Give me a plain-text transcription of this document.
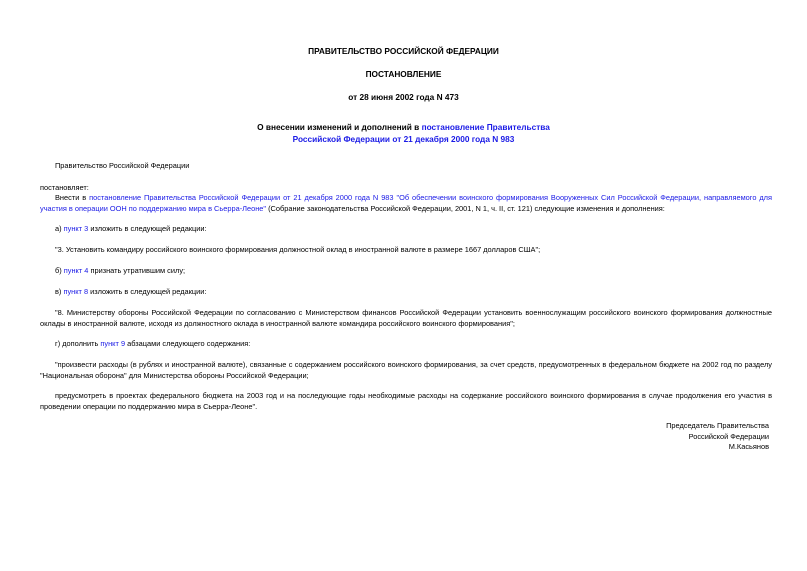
ПРАВИТЕЛЬСТВО РОССИЙСКОЙ ФЕДЕРАЦИИ
ПОСТАНОВЛЕНИЕ
от 28 июня 2002 года N 473
О внесении изменений и дополнений в постановление Правительства
Российской Федерации от 21 декабря 2000 года N 983
Правительство Российской Федерации
постановляет:
Внести в постановление Правительства Российской Федерации от 21 декабря 2000 года N 983 "Об обеспечении воинского формирования Вооруженных Сил Российской Федерации, направляемого для участия в операции ООН по поддержанию мира в Сьерра-Леоне" (Собрание законодательства Российской Федерации, 2001, N 1, ч. II, ст. 121) следующие изменения и дополнения:
а) пункт 3 изложить в следующей редакции:
"3. Установить командиру российского воинского формирования должностной оклад в иностранной валюте в размере 1667 долларов США";
б) пункт 4 признать утратившим силу;
в) пункт 8 изложить в следующей редакции:
"8. Министерству обороны Российской Федерации по согласованию с Министерством финансов Российской Федерации установить военнослужащим российского воинского формирования должностные оклады в иностранной валюте, исходя из должностного оклада в иностранной валюте командира российского воинского формирования";
г) дополнить пункт 9 абзацами следующего содержания:
"произвести расходы (в рублях и иностранной валюте), связанные с содержанием российского воинского формирования, за счет средств, предусмотренных в федеральном бюджете на 2002 год по разделу "Национальная оборона" для Министерства обороны Российской Федерации;
предусмотреть в проектах федерального бюджета на 2003 год и на последующие годы необходимые расходы на содержание российского воинского формирования в случае продолжения его участия в проведении операции по поддержанию мира в Сьерра-Леоне".
Председатель Правительства
Российской Федерации
М.Касьянов
